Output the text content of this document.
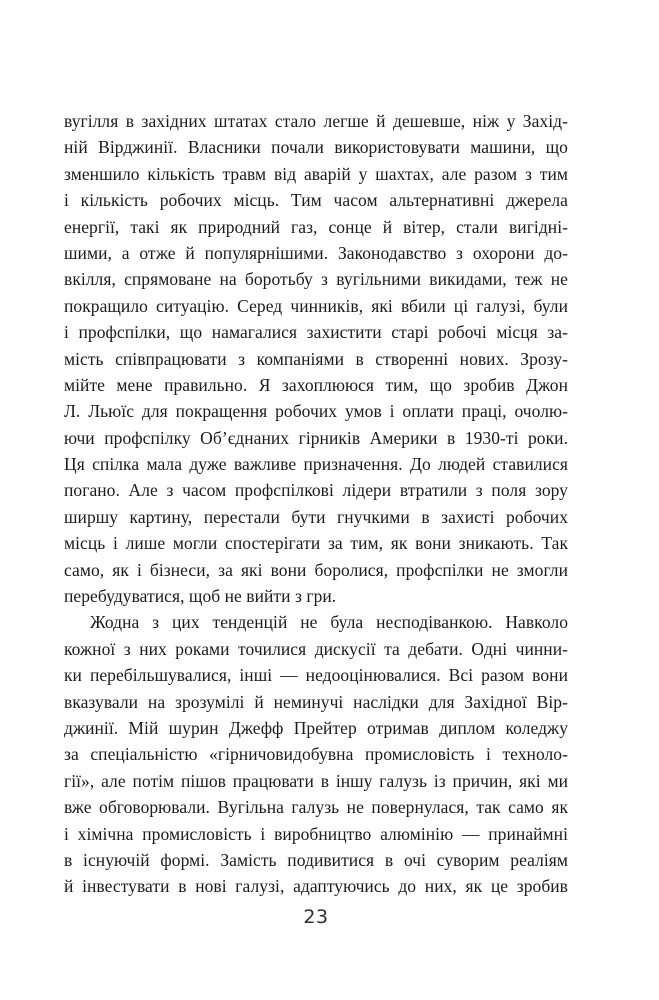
вугілля в західних штатах стало легше й дешевше, ніж у Захід-
ній Вірджинії. Власники почали використовувати машини, що
зменшило кількість травм від аварій у шахтах, але разом з тим
і кількість робочих місць. Тим часом альтернативні джерела
енергії, такі як природний газ, сонце й вітер, стали вигідні-
шими, а отже й популярнішими. Законодавство з охорони до-
вкілля, спрямоване на боротьбу з вугільними викидами, теж не
покращило ситуацію. Серед чинників, які вбили ці галузі, були
і профспілки, що намагалися захистити старі робочі місця за-
мість співпрацювати з компаніями в створенні нових. Зрозу-
мійте мене правильно. Я захоплююся тим, що зробив Джон
Л. Льюїс для покращення робочих умов і оплати праці, очолю-
ючи профспілку Об’єднаних гірників Америки в 1930-ті роки.
Ця спілка мала дуже важливе призначення. До людей ставилися
погано. Але з часом профспілкові лідери втратили з поля зору
ширшу картину, перестали бути гнучкими в захисті робочих
місць і лише могли спостерігати за тим, як вони зникають. Так
само, як і бізнеси, за які вони боролися, профспілки не змогли
перебудуватися, щоб не вийти з гри.
Жодна з цих тенденцій не була несподіванкою. Навколо
кожної з них роками точилися дискусії та дебати. Одні чинни-
ки перебільшувалися, інші — недооцінювалися. Всі разом вони
вказували на зрозумілі й неминучі наслідки для Західної Вір-
джинії. Мій шурин Джефф Прейтер отримав диплом коледжу
за спеціальністю «гірничовидобувна промисловість і техноло-
гії», але потім пішов працювати в іншу галузь із причин, які ми
вже обговорювали. Вугільна галузь не повернулася, так само як
і хімічна промисловість і виробництво алюмінію — принаймні
в існуючій формі. Замість подивитися в очі суворим реаліям
й інвестувати в нові галузі, адаптуючись до них, як це зробив
23
